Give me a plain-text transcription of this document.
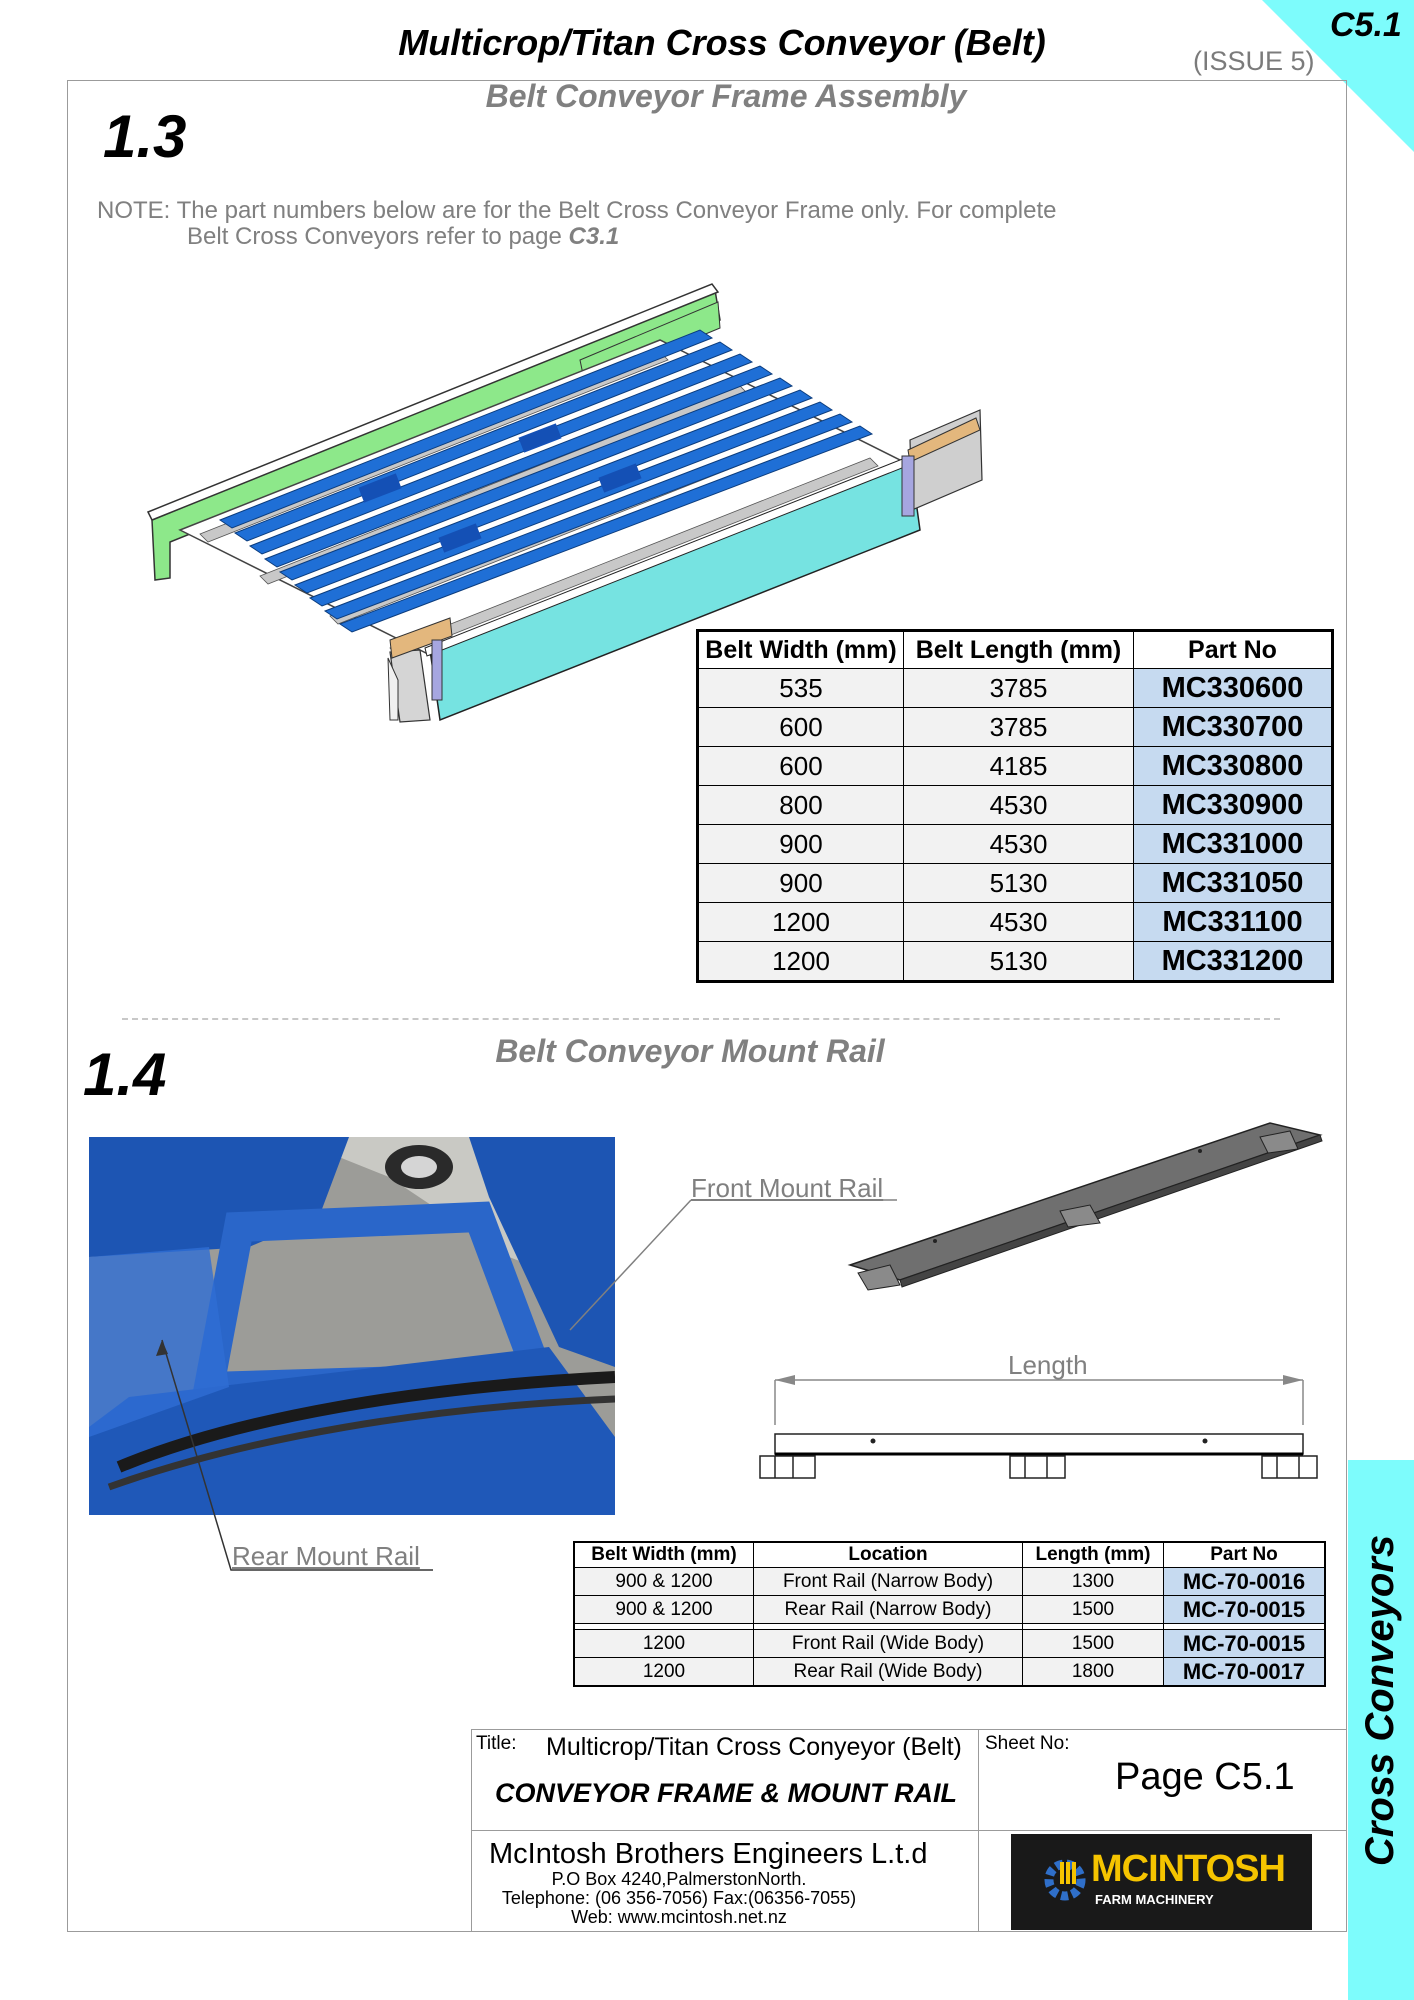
Multicrop/Titan Cross Conveyor (Belt)	(ISSUE 5)
C5.1
Cross Conveyors
Belt Conveyor Frame Assembly
1.3
NOTE: The part numbers below are for the Belt Cross Conveyor Frame only. For complete
Belt Cross Conveyors refer to page C3.1
Belt Width (mm)	Belt Length (mm)	Part No
535	3785	MC330600
600	3785	MC330700
600	4185	MC330800
800	4530	MC330900
900	4530	MC331000
900	5130	MC331050
1200	4530	MC331100
1200	5130	MC331200
Belt Conveyor Mount Rail
1.4
Front Mount Rail
Rear Mount Rail
Length
Belt Width (mm)	Location	Length (mm)	Part No
900 & 1200	Front Rail (Narrow Body)	1300	MC-70-0016
900 & 1200	Rear Rail (Narrow Body)	1500	MC-70-0015

1200	Front Rail (Wide Body)	1500	MC-70-0015
1200	Rear Rail (Wide Body)	1800	MC-70-0017
Title: Multicrop/Titan Cross Conyeyor (Belt)
CONVEYOR FRAME & MOUNT RAIL
Sheet No:
Page C5.1
McIntosh Brothers Engineers L.t.d
P.O Box 4240,PalmerstonNorth.
Telephone: (06 356-7056) Fax:(06356-7055)
Web: www.mcintosh.net.nz
MCINTOSH
FARM MACHINERY
